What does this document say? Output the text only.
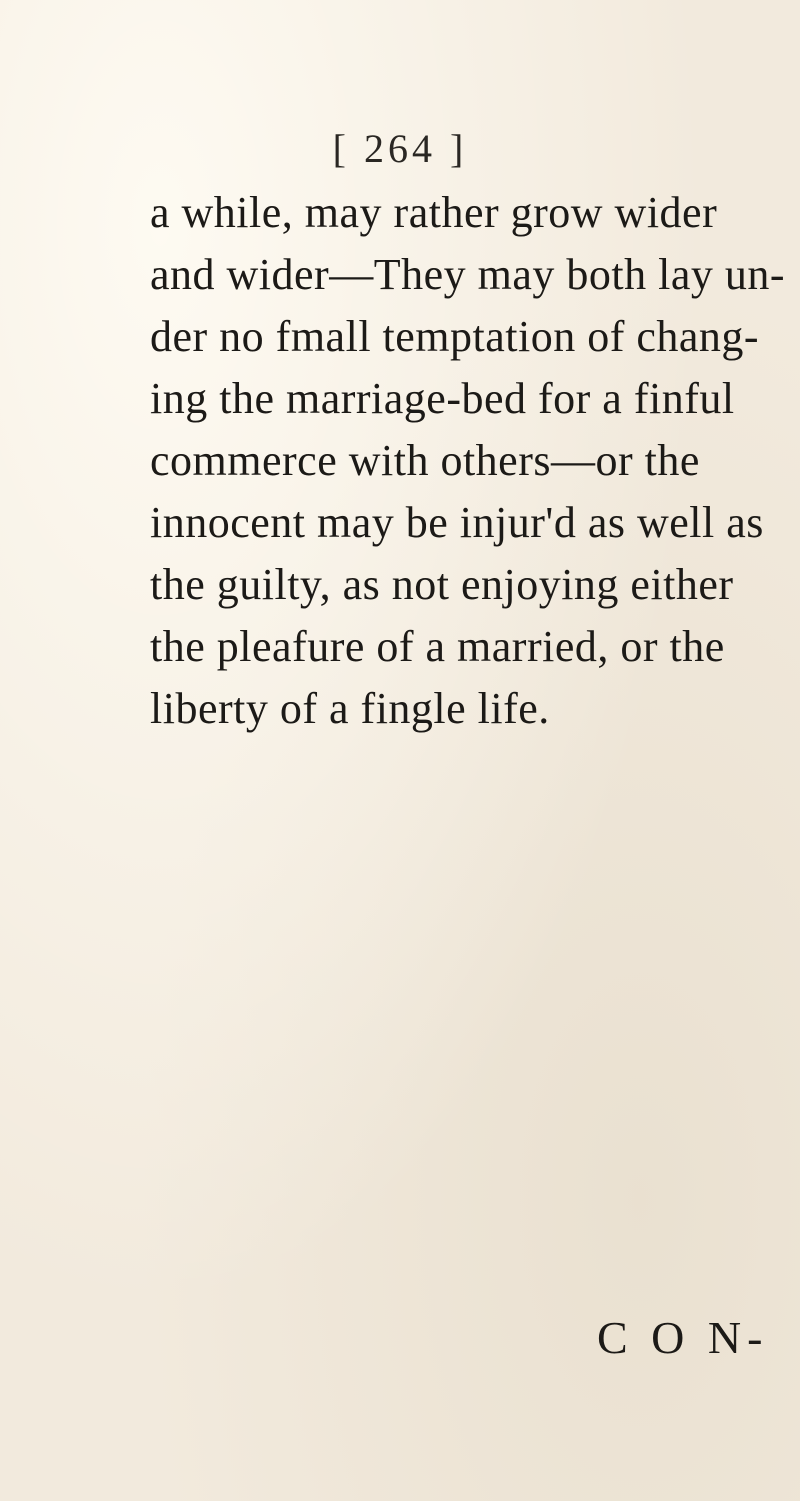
[ 264 ]
a while, may rather grow wider
and wider—They may both lay un-
der no fmall temptation of chang-
ing the marriage-bed for a finful
commerce with others—or the
innocent may be injur'd as well as
the guilty, as not enjoying either
the pleafure of a married, or the
liberty of a fingle life.
C O N-
